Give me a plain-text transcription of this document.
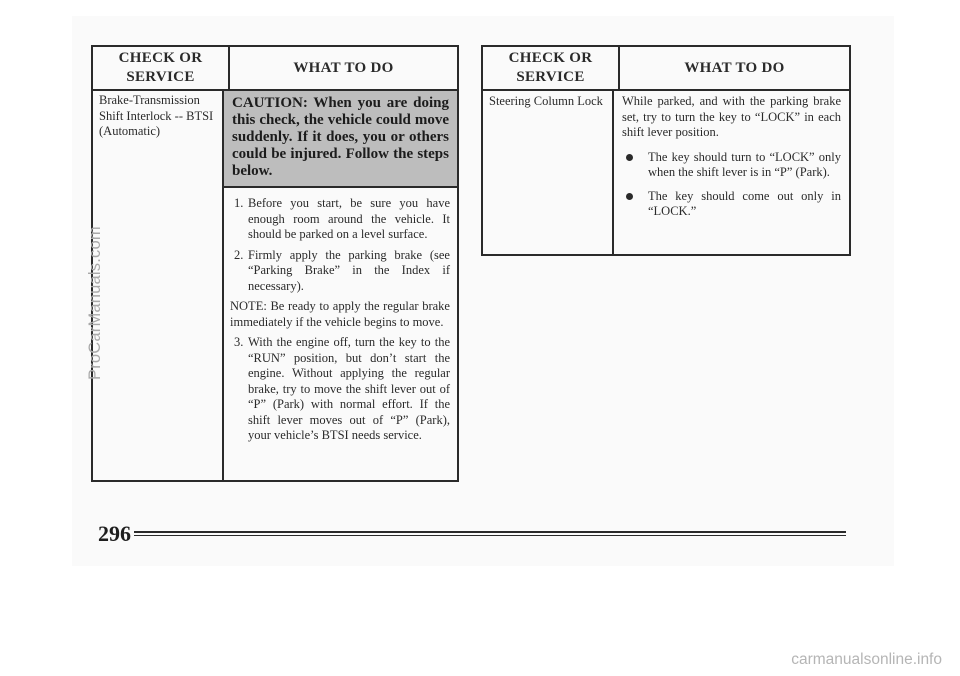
CHECK OR SERVICE
WHAT TO DO
Brake-Transmission Shift Interlock -- BTSI (Automatic)
CAUTION: When you are doing this check, the vehicle could move suddenly. If it does, you or others could be injured. Follow the steps below.
1. Before you start, be sure you have enough room around the vehicle. It should be parked on a level surface.
2. Firmly apply the parking brake (see “Parking Brake” in the Index if necessary).

NOTE: Be ready to apply the regular brake immediately if the vehicle begins to move.

3. With the engine off, turn the key to the “RUN” position, but don’t start the engine. Without applying the regular brake, try to move the shift lever out of “P” (Park) with normal effort. If the shift lever moves out of “P” (Park), your vehicle’s BTSI needs service.
CHECK OR SERVICE
WHAT TO DO
Steering Column Lock	While parked, and with the parking brake set, try to turn the key to “LOCK” in each shift lever position.

The key should turn to “LOCK” only when the shift lever is in “P” (Park).
The key should come out only in “LOCK.”
296
ProCarManuals.com
carmanualsonline.info
